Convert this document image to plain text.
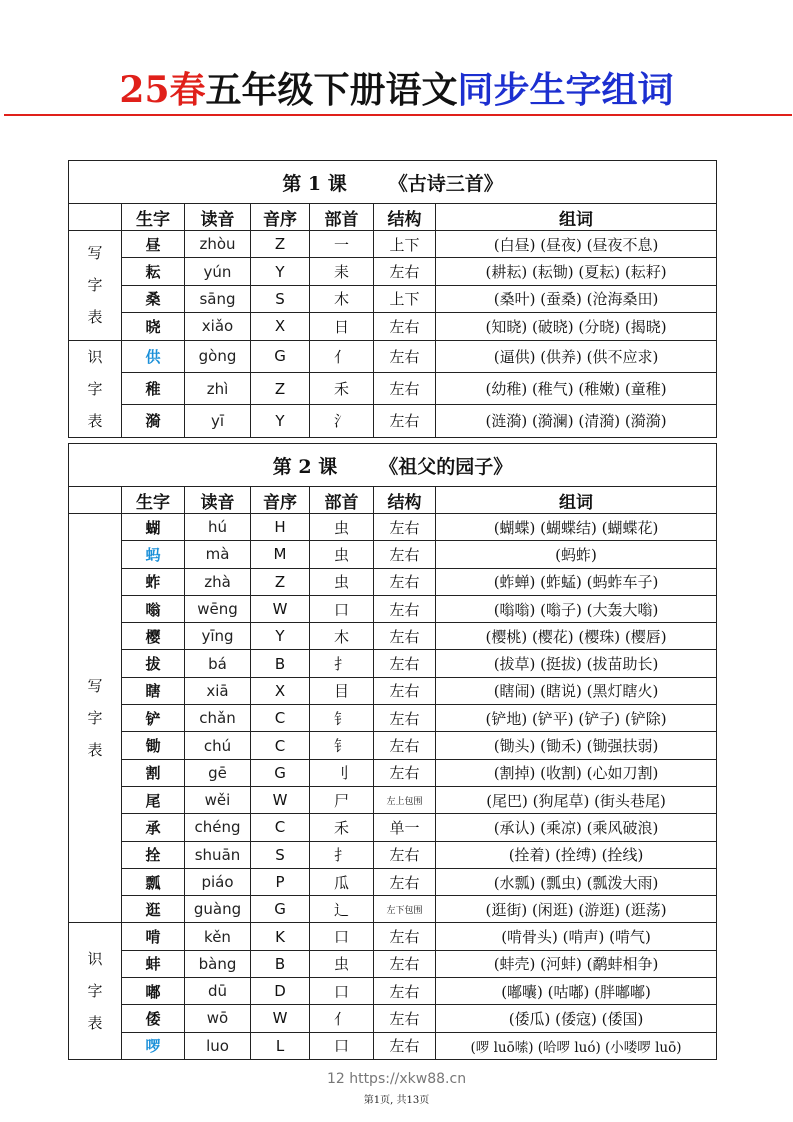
25春五年级下册语文同步生字组词
第 1 课 《古诗三首》						
	生字	读音	音序	部首	结构	组词

写
字
表	昼	zhòu	Z	一	上下	(白昼) (昼夜) (昼夜不息)
	耘	yún	Y	耒	左右	(耕耘) (耘锄) (夏耘) (耘耔)
	桑	sāng	S	木	上下	(桑叶) (蚕桑) (沧海桑田)
	晓	xiǎo	X	日	左右	(知晓) (破晓) (分晓) (揭晓)

识
字
表	供	gòng	G	亻	左右	(逼供) (供养) (供不应求)
	稚	zhì	Z	禾	左右	(幼稚) (稚气) (稚嫩) (童稚)
	漪	yī	Y	氵	左右	(涟漪) (漪澜) (清漪) (漪漪)
第 2 课 《祖父的园子》						
	生字	读音	音序	部首	结构	组词

写
字
表	蝴	hú	H	虫	左右	(蝴蝶) (蝴蝶结) (蝴蝶花)
	蚂	mà	M	虫	左右	(蚂蚱)
	蚱	zhà	Z	虫	左右	(蚱蝉) (蚱蜢) (蚂蚱车子)
	嗡	wēng	W	口	左右	(嗡嗡) (嗡子) (大轰大嗡)
	樱	yīng	Y	木	左右	(樱桃) (樱花) (樱珠) (樱唇)
	拔	bá	B	扌	左右	(拔草) (挺拔) (拔苗助长)
	瞎	xiā	X	目	左右	(瞎闹) (瞎说) (黑灯瞎火)
	铲	chǎn	C	钅	左右	(铲地) (铲平) (铲子) (铲除)
	锄	chú	C	钅	左右	(锄头) (锄禾) (锄强扶弱)
	割	gē	G	刂	左右	(割掉) (收割) (心如刀割)
	尾	wěi	W	尸	左上包围	(尾巴) (狗尾草) (街头巷尾)
	承	chéng	C	禾	单一	(承认) (乘凉) (乘风破浪)
	拴	shuān	S	扌	左右	(拴着) (拴缚) (拴线)
	瓢	piáo	P	瓜	左右	(水瓢) (瓢虫) (瓢泼大雨)
	逛	guàng	G	辶	左下包围	(逛街) (闲逛) (游逛) (逛荡)

识
字
表	啃	kěn	K	口	左右	(啃骨头) (啃声) (啃气)
	蚌	bàng	B	虫	左右	(蚌壳) (河蚌) (鹬蚌相争)
	嘟	dū	D	口	左右	(嘟囔) (咕嘟) (胖嘟嘟)
	倭	wō	W	亻	左右	(倭瓜) (倭寇) (倭国)
	啰	luo	L	口	左右	(啰 luō嗦) (哈啰 luó) (小喽啰 luō)
12 https://xkw88.cn
第1页, 共13页
